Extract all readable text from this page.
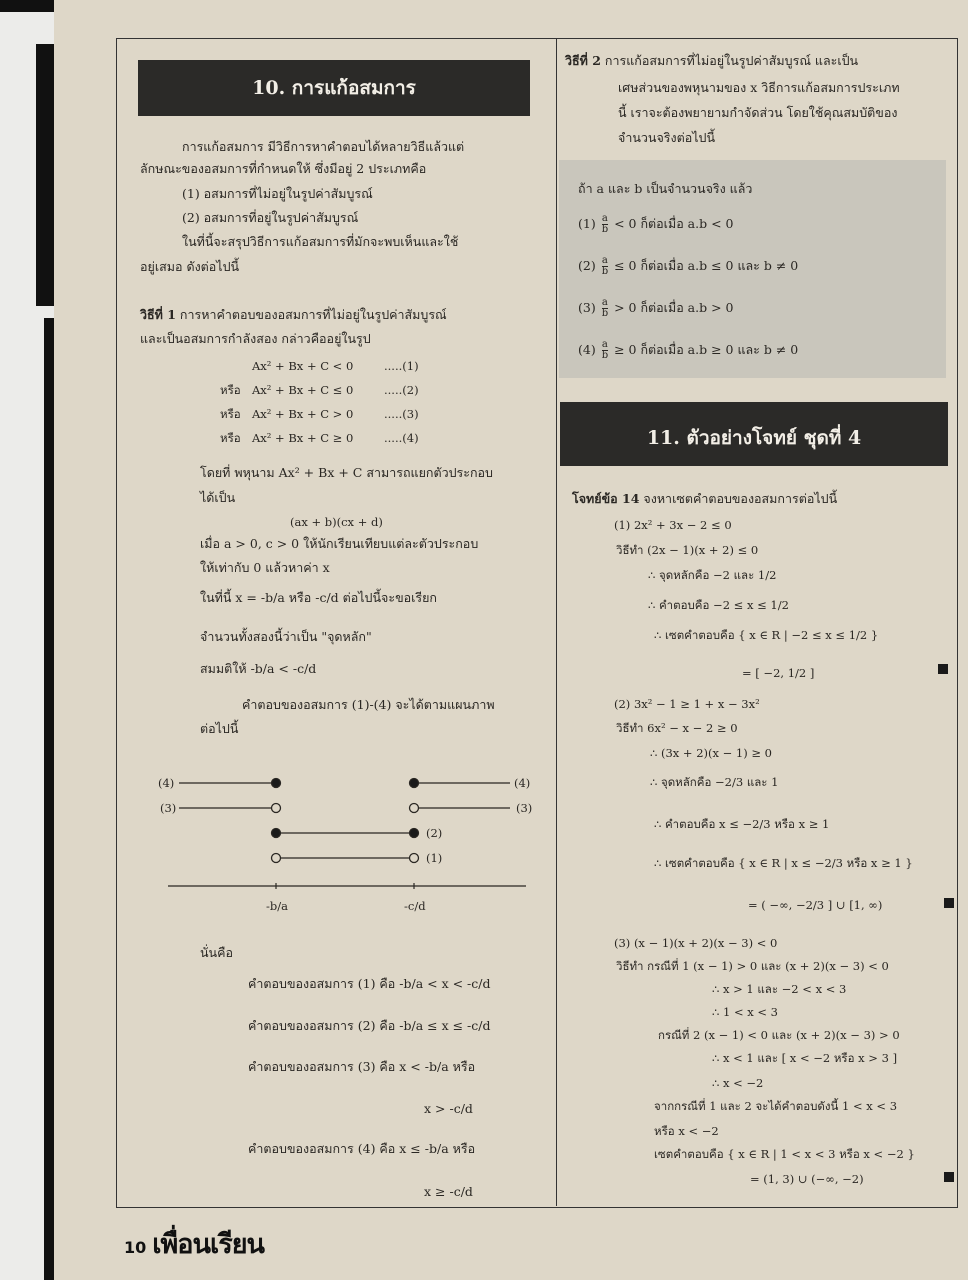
10. การแก้อสมการ
การแก้อสมการ มีวิธีการหาคำตอบได้หลายวิธีแล้วแต่
ลักษณะของอสมการที่กำหนดให้ ซึ่งมีอยู่ 2 ประเภทคือ
(1) อสมการที่ไม่อยู่ในรูปค่าสัมบูรณ์
(2) อสมการที่อยู่ในรูปค่าสัมบูรณ์
ในที่นี้จะสรุปวิธีการแก้อสมการที่มักจะพบเห็นและใช้
อยู่เสมอ ดังต่อไปนี้
วิธีที่ 1 การหาคำตอบของอสมการที่ไม่อยู่ในรูปค่าสัมบูรณ์
และเป็นอสมการกำลังสอง กล่าวคืออยู่ในรูป
Ax² + Bx + C < 0	.....(1)
หรือ Ax² + Bx + C ≤ 0	.....(2)
หรือ Ax² + Bx + C > 0	.....(3)
หรือ Ax² + Bx + C ≥ 0	.....(4)
โดยที่ พหุนาม Ax² + Bx + C สามารถแยกตัวประกอบ
ได้เป็น
(ax + b)(cx + d)
เมื่อ a > 0, c > 0 ให้นักเรียนเทียบแต่ละตัวประกอบ
ให้เท่ากับ 0 แล้วหาค่า x
ในที่นี้ x = -b/a หรือ -c/d ต่อไปนี้จะขอเรียก
จำนวนทั้งสองนี้ว่าเป็น "จุดหลัก"
สมมติให้ -b/a < -c/d
คำตอบของอสมการ (1)-(4) จะได้ตามแผนภาพ
ต่อไปนี้
(4)
(3)
(4)
(3)
(2)
(1)
-b/a	-c/d
นั่นคือ
คำตอบของอสมการ (1) คือ -b/a < x < -c/d
คำตอบของอสมการ (2) คือ -b/a ≤ x ≤ -c/d
คำตอบของอสมการ (3) คือ x < -b/a หรือ
x > -c/d
คำตอบของอสมการ (4) คือ x ≤ -b/a หรือ
x ≥ -c/d
วิธีที่ 2 การแก้อสมการที่ไม่อยู่ในรูปค่าสัมบูรณ์ และเป็น
เศษส่วนของพหุนามของ x วิธีการแก้อสมการประเภท
นี้ เราจะต้องพยายามกำจัดส่วน โดยใช้คุณสมบัติของ
จำนวนจริงต่อไปนี้
ถ้า a และ b เป็นจำนวนจริง แล้ว
$(1) \frac{a}{b} < 0$ ก็ต่อเมื่อ a.b < 0
$(2) \frac{a}{b} \le 0$ ก็ต่อเมื่อ a.b ≤ 0 และ b ≠ 0
$(3) \frac{a}{b} > 0$ ก็ต่อเมื่อ a.b > 0
$(4) \frac{a}{b} \ge 0$ ก็ต่อเมื่อ a.b ≥ 0 และ b ≠ 0
11. ตัวอย่างโจทย์ ชุดที่ 4
โจทย์ข้อ 14 จงหาเซตคำตอบของอสมการต่อไปนี้
(1) 2x² + 3x − 2 ≤ 0
วิธีทำ (2x − 1)(x + 2) ≤ 0
∴ จุดหลักคือ −2 และ 1/2
∴ คำตอบคือ −2 ≤ x ≤ 1/2
∴ เซตคำตอบคือ { x ∈ R | −2 ≤ x ≤ 1/2 }
= [ −2, 1/2 ]
(2) 3x² − 1 ≥ 1 + x − 3x²
วิธีทำ 6x² − x − 2 ≥ 0
∴ (3x + 2)(x − 1) ≥ 0
∴ จุดหลักคือ −2/3 และ 1
∴ คำตอบคือ x ≤ −2/3 หรือ x ≥ 1
∴ เซตคำตอบคือ { x ∈ R | x ≤ −2/3 หรือ x ≥ 1 }
= ( −∞, −2/3 ] ∪ [1, ∞)
(3) (x − 1)(x + 2)(x − 3) < 0
วิธีทำ กรณีที่ 1 (x − 1) > 0 และ (x + 2)(x − 3) < 0
∴ x > 1 และ −2 < x < 3
∴ 1 < x < 3
กรณีที่ 2 (x − 1) < 0 และ (x + 2)(x − 3) > 0
∴ x < 1 และ [ x < −2 หรือ x > 3 ]
∴ x < −2
จากกรณีที่ 1 และ 2 จะได้คำตอบดังนี้ 1 < x < 3
หรือ x < −2
เซตคำตอบคือ { x ∈ R | 1 < x < 3 หรือ x < −2 }
= (1, 3) ∪ (−∞, −2)
10 เพื่อนเรียน
